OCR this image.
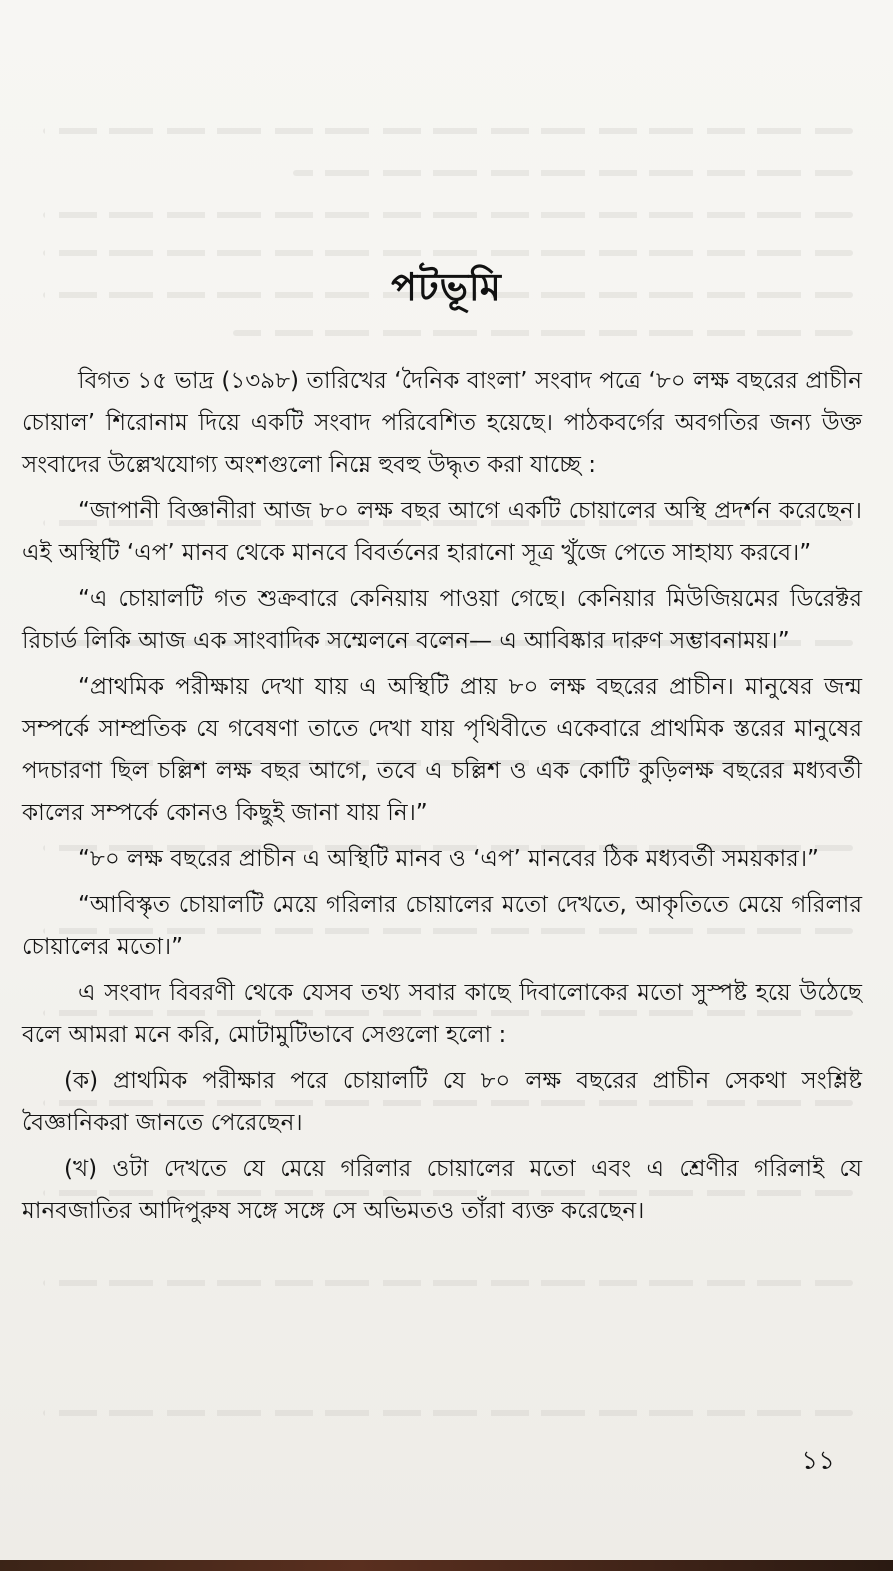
পটভূমি

বিগত ১৫ ভাদ্র (১৩৯৮) তারিখের ‘দৈনিক বাংলা’ সংবাদ পত্রে ‘৮০ লক্ষ বছরের প্রাচীন চোয়াল’ শিরোনাম দিয়ে একটি সংবাদ পরিবেশিত হয়েছে। পাঠকবর্গের অবগতির জন্য উক্ত সংবাদের উল্লেখযোগ্য অংশগুলো নিম্নে হুবহু উদ্ধৃত করা যাচ্ছে :

“জাপানী বিজ্ঞানীরা আজ ৮০ লক্ষ বছর আগে একটি চোয়ালের অস্থি প্রদর্শন করেছেন। এই অস্থিটি ‘এপ’ মানব থেকে মানবে বিবর্তনের হারানো সূত্র খুঁজে পেতে সাহায্য করবে।”

“এ চোয়ালটি গত শুক্রবারে কেনিয়ায় পাওয়া গেছে। কেনিয়ার মিউজিয়মের ডিরেক্টর রিচার্ড লিকি আজ এক সাংবাদিক সম্মেলনে বলেন— এ আবিষ্কার দারুণ সম্ভাবনাময়।”

“প্রাথমিক পরীক্ষায় দেখা যায় এ অস্থিটি প্রায় ৮০ লক্ষ বছরের প্রাচীন। মানুষের জন্ম সম্পর্কে সাম্প্রতিক যে গবেষণা তাতে দেখা যায় পৃথিবীতে একেবারে প্রাথমিক স্তরের মানুষের পদচারণা ছিল চল্লিশ লক্ষ বছর আগে, তবে এ চল্লিশ ও এক কোটি কুড়িলক্ষ বছরের মধ্যবর্তী কালের সম্পর্কে কোনও কিছুই জানা যায় নি।”

“৮০ লক্ষ বছরের প্রাচীন এ অস্থিটি মানব ও ‘এপ’ মানবের ঠিক মধ্যবর্তী সময়কার।”

“আবিস্কৃত চোয়ালটি মেয়ে গরিলার চোয়ালের মতো দেখতে, আকৃতিতে মেয়ে গরিলার চোয়ালের মতো।”

এ সংবাদ বিবরণী থেকে যেসব তথ্য সবার কাছে দিবালোকের মতো সুস্পষ্ট হয়ে উঠেছে বলে আমরা মনে করি, মোটামুটিভাবে সেগুলো হলো :

(ক) প্রাথমিক পরীক্ষার পরে চোয়ালটি যে ৮০ লক্ষ বছরের প্রাচীন সেকথা সংশ্লিষ্ট বৈজ্ঞানিকরা জানতে পেরেছেন।

(খ) ওটা দেখতে যে মেয়ে গরিলার চোয়ালের মতো এবং এ শ্রেণীর গরিলাই যে মানবজাতির আদিপুরুষ সঙ্গে সঙ্গে সে অভিমতও তাঁরা ব্যক্ত করেছেন।

১১
